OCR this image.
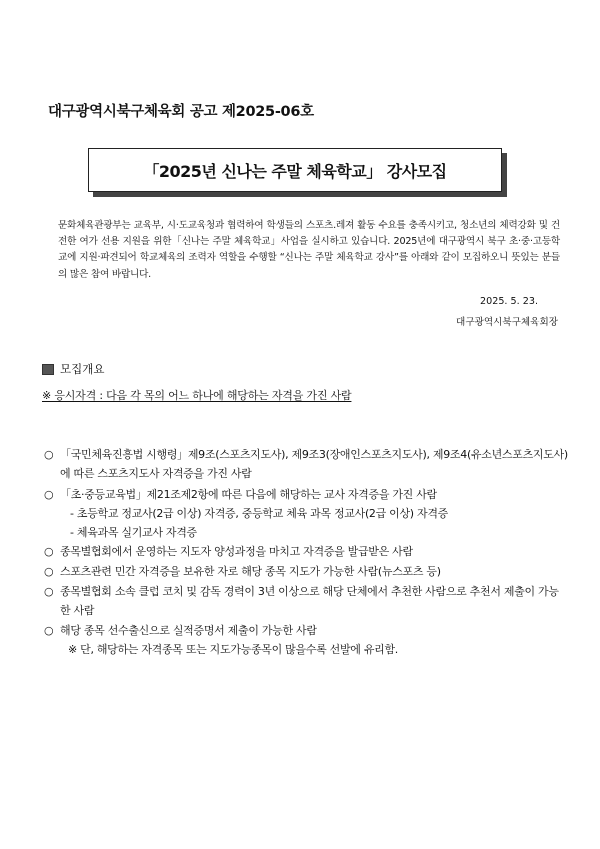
대구광역시북구체육회 공고 제2025-06호
「2025년 신나는 주말 체육학교」 강사모집
문화체육관광부는 교육부, 시·도교육청과 협력하여 학생들의 스포츠.레져 활동 수요를 충족시키고, 청소년의 체력강화 및 건전한 여가 선용 지원을 위한「신나는 주말 체육학교」사업을 실시하고 있습니다. 2025년에 대구광역시 북구 초·중·고등학교에 지원·파견되어 학교체육의 조력자 역할을 수행할 “신나는 주말 체육학교 강사”를 아래와 같이 모집하오니 뜻있는 분들의 많은 참여 바랍니다.
2025. 5. 23.
대구광역시북구체육회장
모집개요
※ 응시자격 : 다음 각 목의 어느 하나에 해당하는 자격을 가진 사람
○ 「국민체육진흥법 시행령」제9조(스포츠지도사), 제9조3(장애인스포츠지도사), 제9조4(유소년스포츠지도사)에 따른 스포츠지도사 자격증을 가진 사람
○ 「초·중등교육법」제21조제2항에 따른 다음에 해당하는 교사 자격증을 가진 사람
- 초등학교 정교사(2급 이상) 자격증, 중등학교 체육 과목 정교사(2급 이상) 자격증
- 체육과목 실기교사 자격증
○ 종목별협회에서 운영하는 지도자 양성과정을 마치고 자격증을 발급받은 사람
○ 스포츠관련 민간 자격증을 보유한 자로 해당 종목 지도가 가능한 사람(뉴스포츠 등)
○ 종목별협회 소속 클럽 코치 및 감독 경력이 3년 이상으로 해당 단체에서 추천한 사람으로 추천서 제출이 가능한 사람
○ 해당 종목 선수출신으로 실적증명서 제출이 가능한 사람
※ 단, 해당하는 자격종목 또는 지도가능종목이 많을수록 선발에 유리함.
